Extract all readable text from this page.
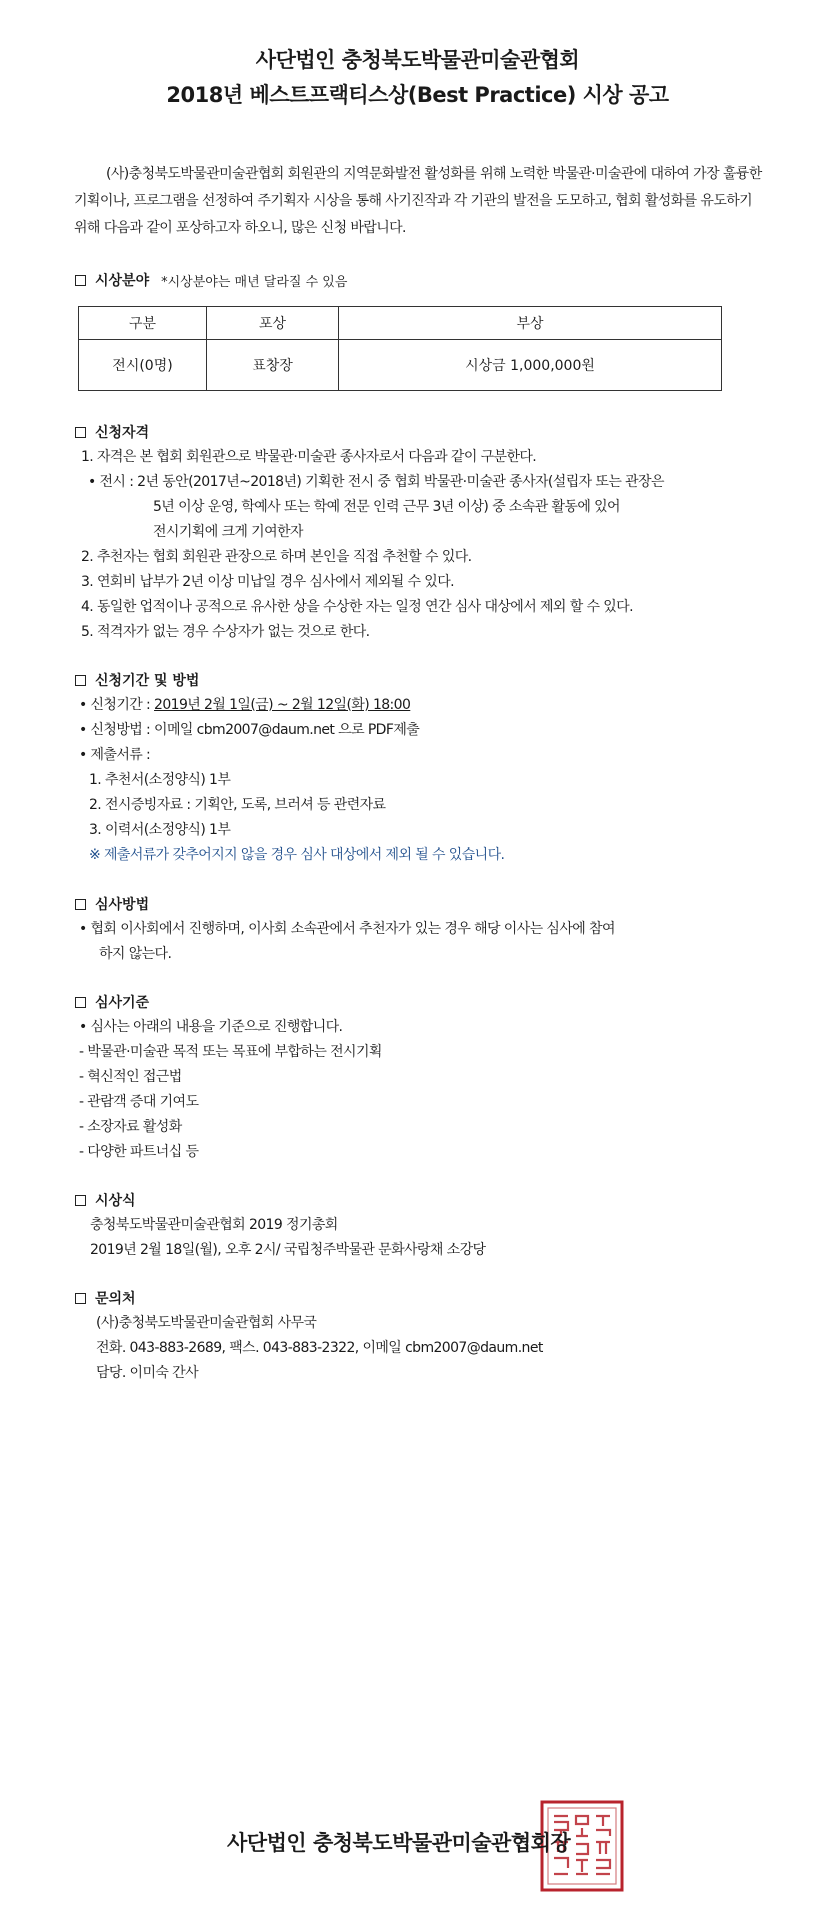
사단법인 충청북도박물관미술관협회
2018년 베스트프랙티스상(Best Practice) 시상 공고
(사)충청북도박물관미술관협회 회원관의 지역문화발전 활성화를 위해 노력한 박물관·미술관에 대하여 가장 훌륭한 기획이나, 프로그램을 선정하여 주기획자 시상을 통해 사기진작과 각 기관의 발전을 도모하고, 협회 활성화를 유도하기 위해 다음과 같이 포상하고자 하오니, 많은 신청 바랍니다.
시상분야 *시상분야는 매년 달라질 수 있음
구분	포상	부상
전시(0명)	표창장	시상금 1,000,000원
신청자격
1. 자격은 본 협회 회원관으로 박물관·미술관 종사자로서 다음과 같이 구분한다.
• 전시 : 2년 동안(2017년~2018년) 기획한 전시 중 협회 박물관·미술관 종사자(설립자 또는 관장은
5년 이상 운영, 학예사 또는 학예 전문 인력 근무 3년 이상) 중 소속관 활동에 있어
전시기획에 크게 기여한자
2. 추천자는 협회 회원관 관장으로 하며 본인을 직접 추천할 수 있다.
3. 연회비 납부가 2년 이상 미납일 경우 심사에서 제외될 수 있다.
4. 동일한 업적이나 공적으로 유사한 상을 수상한 자는 일정 연간 심사 대상에서 제외 할 수 있다.
5. 적격자가 없는 경우 수상자가 없는 것으로 한다.
신청기간 및 방법
• 신청기간 : 2019년 2월 1일(금) ~ 2월 12일(화) 18:00
• 신청방법 : 이메일 cbm2007@daum.net 으로 PDF제출
• 제출서류 :
1. 추천서(소정양식) 1부
2. 전시증빙자료 : 기획안, 도록, 브러셔 등 관련자료
3. 이력서(소정양식) 1부
※ 제출서류가 갖추어지지 않을 경우 심사 대상에서 제외 될 수 있습니다.
심사방법
• 협회 이사회에서 진행하며, 이사회 소속관에서 추천자가 있는 경우 해당 이사는 심사에 참여
하지 않는다.
심사기준
• 심사는 아래의 내용을 기준으로 진행합니다.
- 박물관·미술관 목적 또는 목표에 부합하는 전시기획
- 혁신적인 접근법
- 관람객 증대 기여도
- 소장자료 활성화
- 다양한 파트너십 등
시상식
충청북도박물관미술관협회 2019 정기총회
2019년 2월 18일(월), 오후 2시/ 국립청주박물관 문화사랑채 소강당
문의처
(사)충청북도박물관미술관협회 사무국
전화. 043-883-2689, 팩스. 043-883-2322, 이메일 cbm2007@daum.net
담당. 이미숙 간사
사단법인 충청북도박물관미술관협회장
